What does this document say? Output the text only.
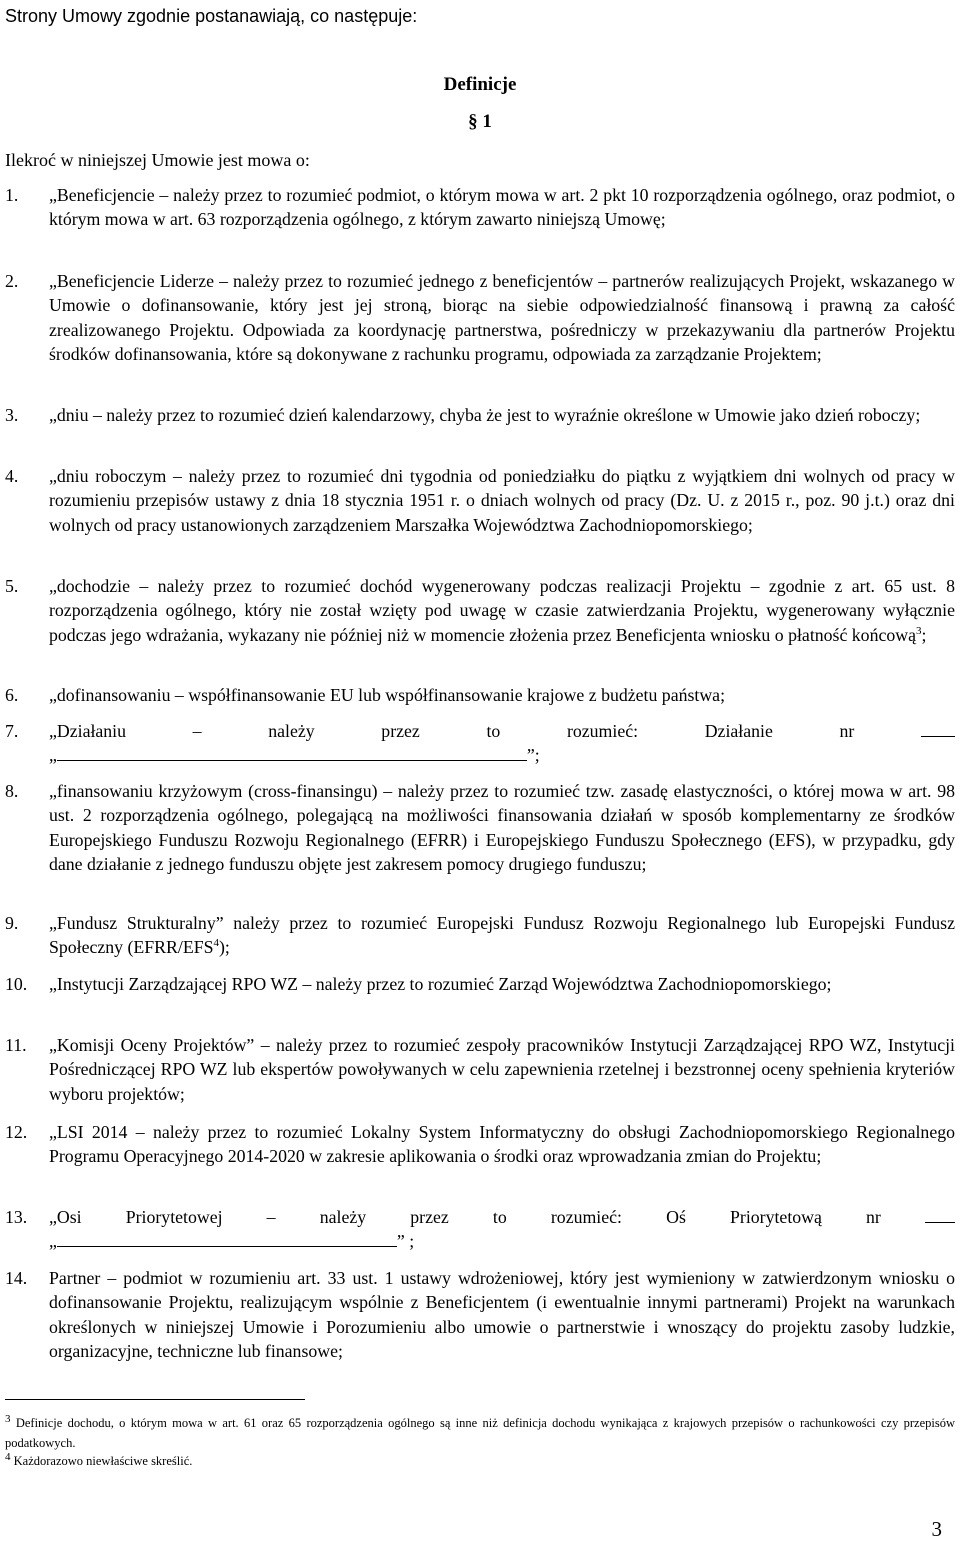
Strony Umowy zgodnie postanawiają, co następuje:

Definicje

§ 1

Ilekroć w niniejszej Umowie jest mowa o:

1. „Beneficjencie – należy przez to rozumieć podmiot, o którym mowa w art. 2 pkt 10 rozporządzenia ogólnego, oraz podmiot, o którym mowa w art. 63 rozporządzenia ogólnego, z którym zawarto niniejszą Umowę;
2. „Beneficjencie Liderze – należy przez to rozumieć jednego z beneficjentów – partnerów realizujących Projekt, wskazanego w Umowie o dofinansowanie, który jest jej stroną, biorąc na siebie odpowiedzialność finansową i prawną za całość zrealizowanego Projektu. Odpowiada za koordynację partnerstwa, pośredniczy w przekazywaniu dla partnerów Projektu środków dofinansowania, które są dokonywane z rachunku programu, odpowiada za zarządzanie Projektem;
3. „dniu – należy przez to rozumieć dzień kalendarzowy, chyba że jest to wyraźnie określone w Umowie jako dzień roboczy;
4. „dniu roboczym – należy przez to rozumieć dni tygodnia od poniedziałku do piątku z wyjątkiem dni wolnych od pracy w rozumieniu przepisów ustawy z dnia 18 stycznia 1951 r. o dniach wolnych od pracy (Dz. U. z 2015 r., poz. 90 j.t.) oraz dni wolnych od pracy ustanowionych zarządzeniem Marszałka Województwa Zachodniopomorskiego;
5. „dochodzie – należy przez to rozumieć dochód wygenerowany podczas realizacji Projektu – zgodnie z art. 65 ust. 8 rozporządzenia ogólnego, który nie został wzięty pod uwagę w czasie zatwierdzania Projektu, wygenerowany wyłącznie podczas jego wdrażania, wykazany nie później niż w momencie złożenia przez Beneficjenta wniosku o płatność końcową$^3$;
6. „dofinansowaniu – współfinansowanie EU lub współfinansowanie krajowe z budżetu państwa;
7. „Działaniu – należy przez to rozumieć: Działanie nr
„	”;
8. „finansowaniu krzyżowym (cross-finansingu) – należy przez to rozumieć tzw. zasadę elastyczności, o której mowa w art. 98 ust. 2 rozporządzenia ogólnego, polegającą na możliwości finansowania działań w sposób komplementarny ze środków Europejskiego Funduszu Rozwoju Regionalnego (EFRR) i Europejskiego Funduszu Społecznego (EFS), w przypadku, gdy dane działanie z jednego funduszu objęte jest zakresem pomocy drugiego funduszu;
9. „Fundusz Strukturalny” należy przez to rozumieć Europejski Fundusz Rozwoju Regionalnego lub Europejski Fundusz Społeczny (EFRR/EFS$^4$);
10. „Instytucji Zarządzającej RPO WZ – należy przez to rozumieć Zarząd Województwa Zachodniopomorskiego;
11. „Komisji Oceny Projektów” – należy przez to rozumieć zespoły pracowników Instytucji Zarządzającej RPO WZ, Instytucji Pośredniczącej RPO WZ lub ekspertów powoływanych w celu zapewnienia rzetelnej i bezstronnej oceny spełnienia kryteriów wyboru projektów;
12. „LSI 2014 – należy przez to rozumieć Lokalny System Informatyczny do obsługi Zachodniopomorskiego Regionalnego Programu Operacyjnego 2014-2020 w zakresie aplikowania o środki oraz wprowadzania zmian do Projektu;
13. „Osi Priorytetowej – należy przez to rozumieć: Oś Priorytetową nr
„	” ;
14. Partner – podmiot w rozumieniu art. 33 ust. 1 ustawy wdrożeniowej, który jest wymieniony w zatwierdzonym wniosku o dofinansowanie Projektu, realizującym wspólnie z Beneficjentem (i ewentualnie innymi partnerami) Projekt na warunkach określonych w niniejszej Umowie i Porozumieniu albo umowie o partnerstwie i wnoszący do projektu zasoby ludzkie, organizacyjne, techniczne lub finansowe;

$^3$ Definicje dochodu, o którym mowa w art. 61 oraz 65 rozporządzenia ogólnego są inne niż definicja dochodu wynikająca z krajowych przepisów o rachunkowości czy przepisów podatkowych.

$^4$ Każdorazowo niewłaściwe skreślić.

3
